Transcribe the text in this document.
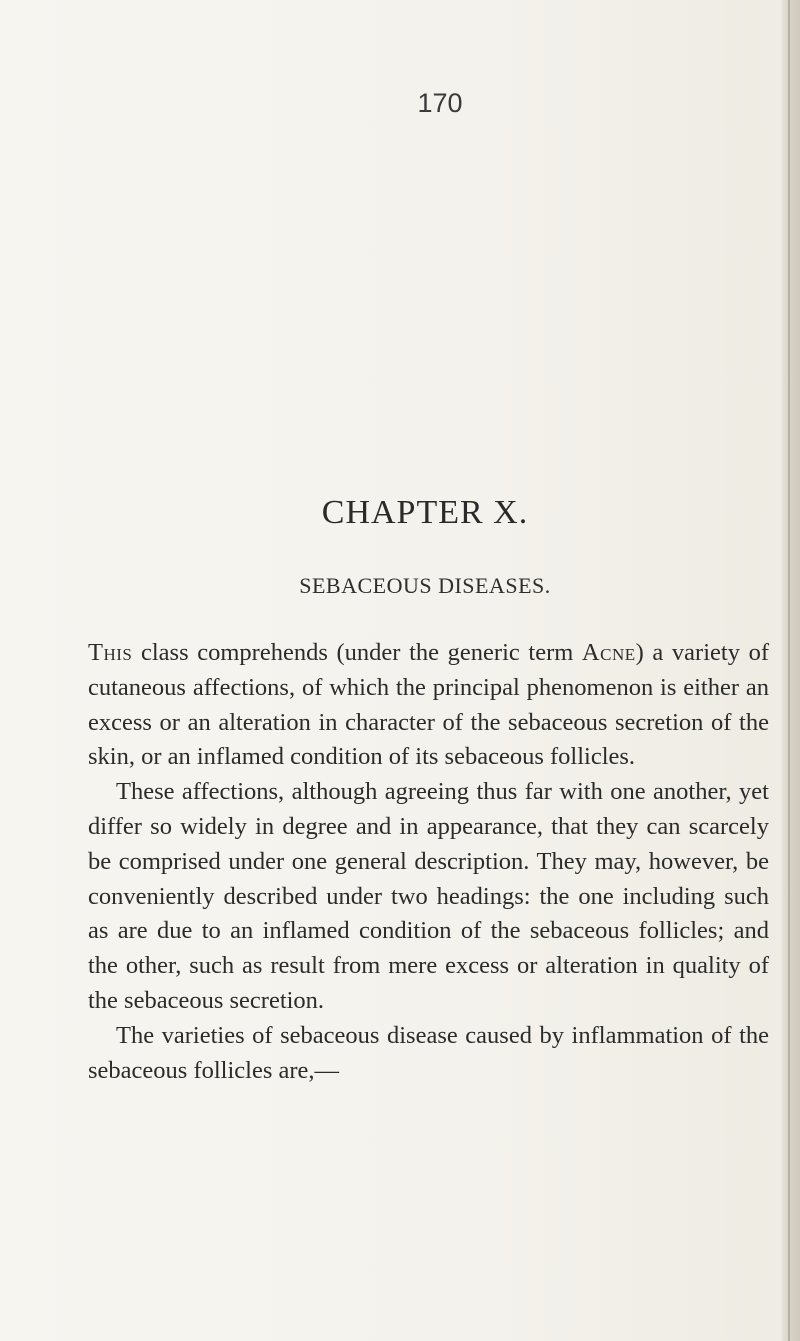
170
CHAPTER X.
SEBACEOUS DISEASES.

This class comprehends (under the generic term Acne) a variety of cutaneous affections, of which the principal phenomenon is either an excess or an alteration in character of the sebaceous secretion of the skin, or an inflamed condition of its sebaceous follicles.

These affections, although agreeing thus far with one another, yet differ so widely in degree and in appearance, that they can scarcely be comprised under one general description. They may, however, be conveniently described under two headings: the one including such as are due to an inflamed condition of the sebaceous follicles; and the other, such as result from mere excess or alteration in quality of the sebaceous secretion.

The varieties of sebaceous disease caused by inflammation of the sebaceous follicles are,—
